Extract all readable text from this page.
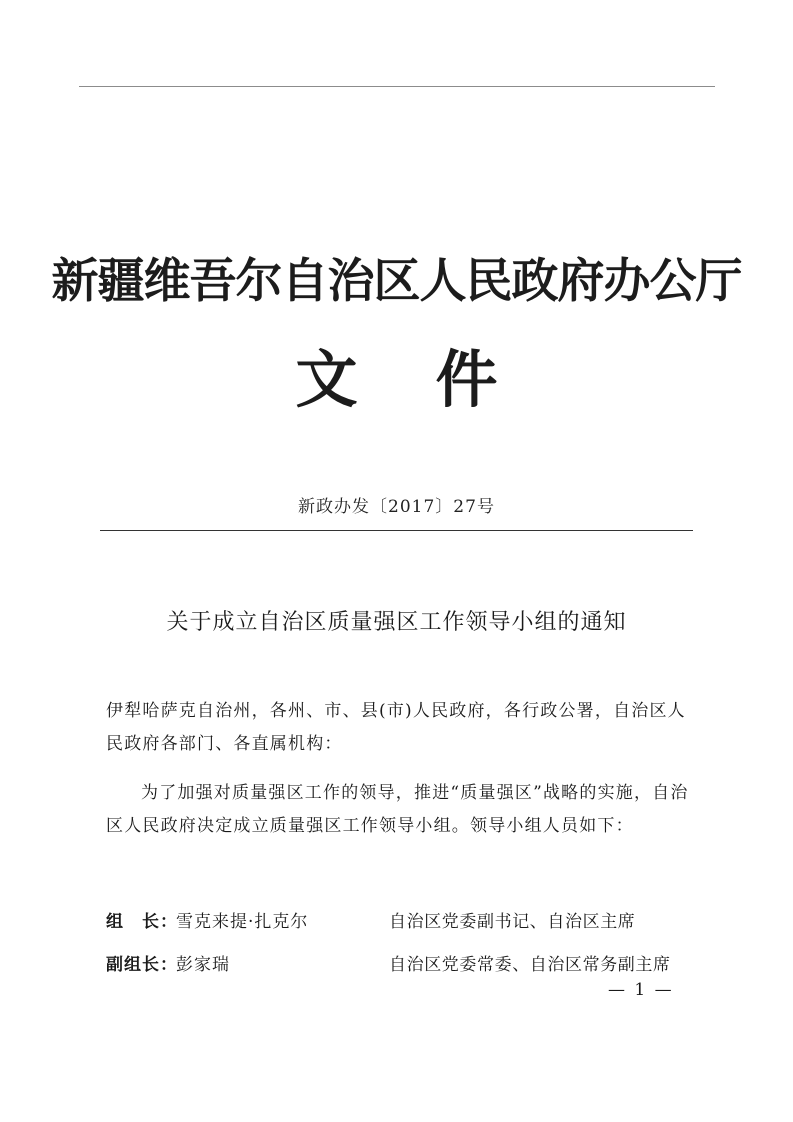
新疆维吾尔自治区人民政府办公厅
文件
新政办发〔2017〕27号
关于成立自治区质量强区工作领导小组的通知
伊犁哈萨克自治州，各州、市、县(市)人民政府，各行政公署，自治区人民政府各部门、各直属机构：
为了加强对质量强区工作的领导，推进“质量强区”战略的实施，自治区人民政府决定成立质量强区工作领导小组。领导小组人员如下：
组　长：
雪克来提·扎克尔	自治区党委副书记、自治区主席
副组长：
彭家瑞	自治区党委常委、自治区常务副主席
— 1 —
